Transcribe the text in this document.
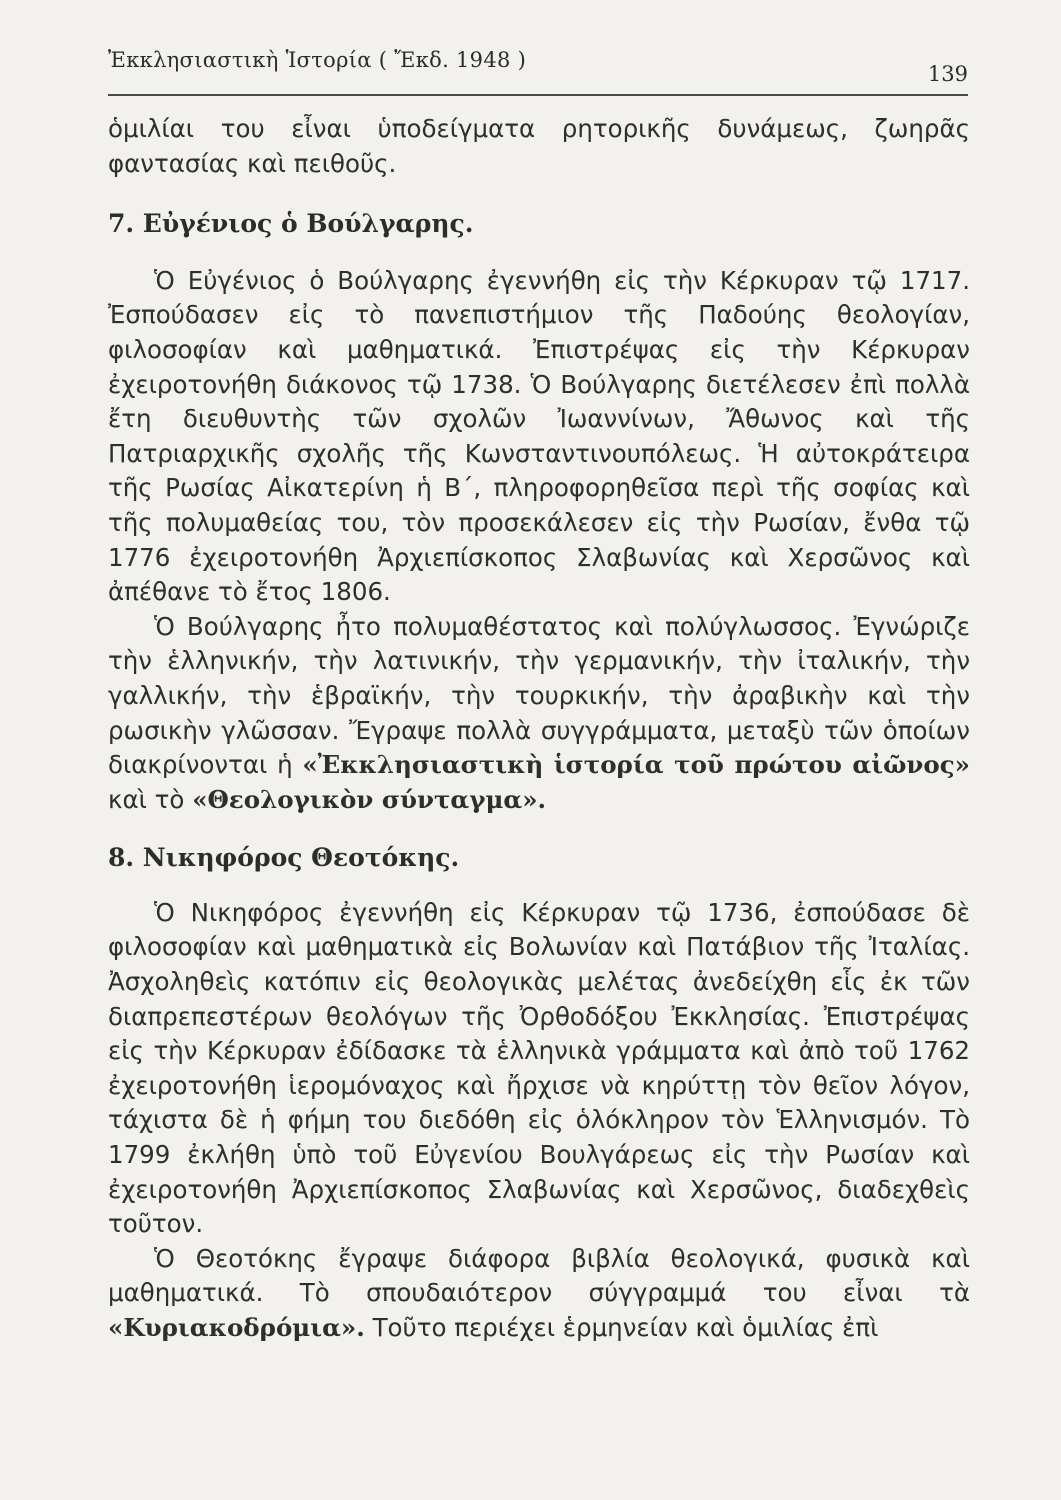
Ἐκκλησιαστικὴ Ἱστορία ( Ἔκδ. 1948 )
139

ὁμιλίαι του εἶναι ὑποδείγματα ρητορικῆς δυνάμεως, ζωηρᾶς φαντασίας καὶ πειθοῦς.

7. Εὐγένιος ὁ Βούλγαρης.

Ὁ Εὐγένιος ὁ Βούλγαρης ἐγεννήθη εἰς τὴν Κέρκυραν τῷ 1717. Ἐσπούδασεν εἰς τὸ πανεπιστήμιον τῆς Παδούης θεολογίαν, φιλοσοφίαν καὶ μαθηματικά. Ἐπιστρέψας εἰς τὴν Κέρκυραν ἐχειροτονήθη διάκονος τῷ 1738. Ὁ Βούλγαρης διετέλεσεν ἐπὶ πολλὰ ἔτη διευθυντὴς τῶν σχολῶν Ἰωαννίνων, Ἄθωνος καὶ τῆς Πατριαρχικῆς σχολῆς τῆς Κωνσταντινουπόλεως. Ἡ αὐτοκράτειρα τῆς Ρωσίας Αἰκατερίνη ἡ Β΄, πληροφορηθεῖσα περὶ τῆς σοφίας καὶ τῆς πολυμαθείας του, τὸν προσεκάλεσεν εἰς τὴν Ρωσίαν, ἔνθα τῷ 1776 ἐχειροτονήθη Ἀρχιεπίσκοπος Σλαβωνίας καὶ Χερσῶνος καὶ ἀπέθανε τὸ ἔτος 1806.

Ὁ Βούλγαρης ἦτο πολυμαθέστατος καὶ πολύγλωσσος. Ἐγνώριζε τὴν ἑλληνικήν, τὴν λατινικήν, τὴν γερμανικήν, τὴν ἰταλικήν, τὴν γαλλικήν, τὴν ἑβραϊκήν, τὴν τουρκικήν, τὴν ἀραβικὴν καὶ τὴν ρωσικὴν γλῶσσαν. Ἔγραψε πολλὰ συγγράμματα, μεταξὺ τῶν ὁποίων διακρίνονται ἡ «Ἐκκλησιαστικὴ ἱστορία τοῦ πρώτου αἰῶνος» καὶ τὸ «Θεολογικὸν σύνταγμα».

8. Νικηφόρος Θεοτόκης.

Ὁ Νικηφόρος ἐγεννήθη εἰς Κέρκυραν τῷ 1736, ἐσπούδασε δὲ φιλοσοφίαν καὶ μαθηματικὰ εἰς Βολωνίαν καὶ Πατάβιον τῆς Ἰταλίας. Ἀσχοληθεὶς κατόπιν εἰς θεολογικὰς μελέτας ἀνεδείχθη εἷς ἐκ τῶν διαπρεπεστέρων θεολόγων τῆς Ὀρθοδόξου Ἐκκλησίας. Ἐπιστρέψας εἰς τὴν Κέρκυραν ἐδίδασκε τὰ ἑλληνικὰ γράμματα καὶ ἀπὸ τοῦ 1762 ἐχειροτονήθη ἱερομόναχος καὶ ἤρχισε νὰ κηρύττῃ τὸν θεῖον λόγον, τάχιστα δὲ ἡ φήμη του διεδόθη εἰς ὁλόκληρον τὸν Ἑλληνισμόν. Τὸ 1799 ἐκλήθη ὑπὸ τοῦ Εὐγενίου Βουλγάρεως εἰς τὴν Ρωσίαν καὶ ἐχειροτονήθη Ἀρχιεπίσκοπος Σλαβωνίας καὶ Χερσῶνος, διαδεχθεὶς τοῦτον.

Ὁ Θεοτόκης ἔγραψε διάφορα βιβλία θεολογικά, φυσικὰ καὶ μαθηματικά. Τὸ σπουδαιότερον σύγγραμμά του εἶναι τὰ «Κυριακοδρόμια». Τοῦτο περιέχει ἑρμηνείαν καὶ ὁμιλίας ἐπὶ
